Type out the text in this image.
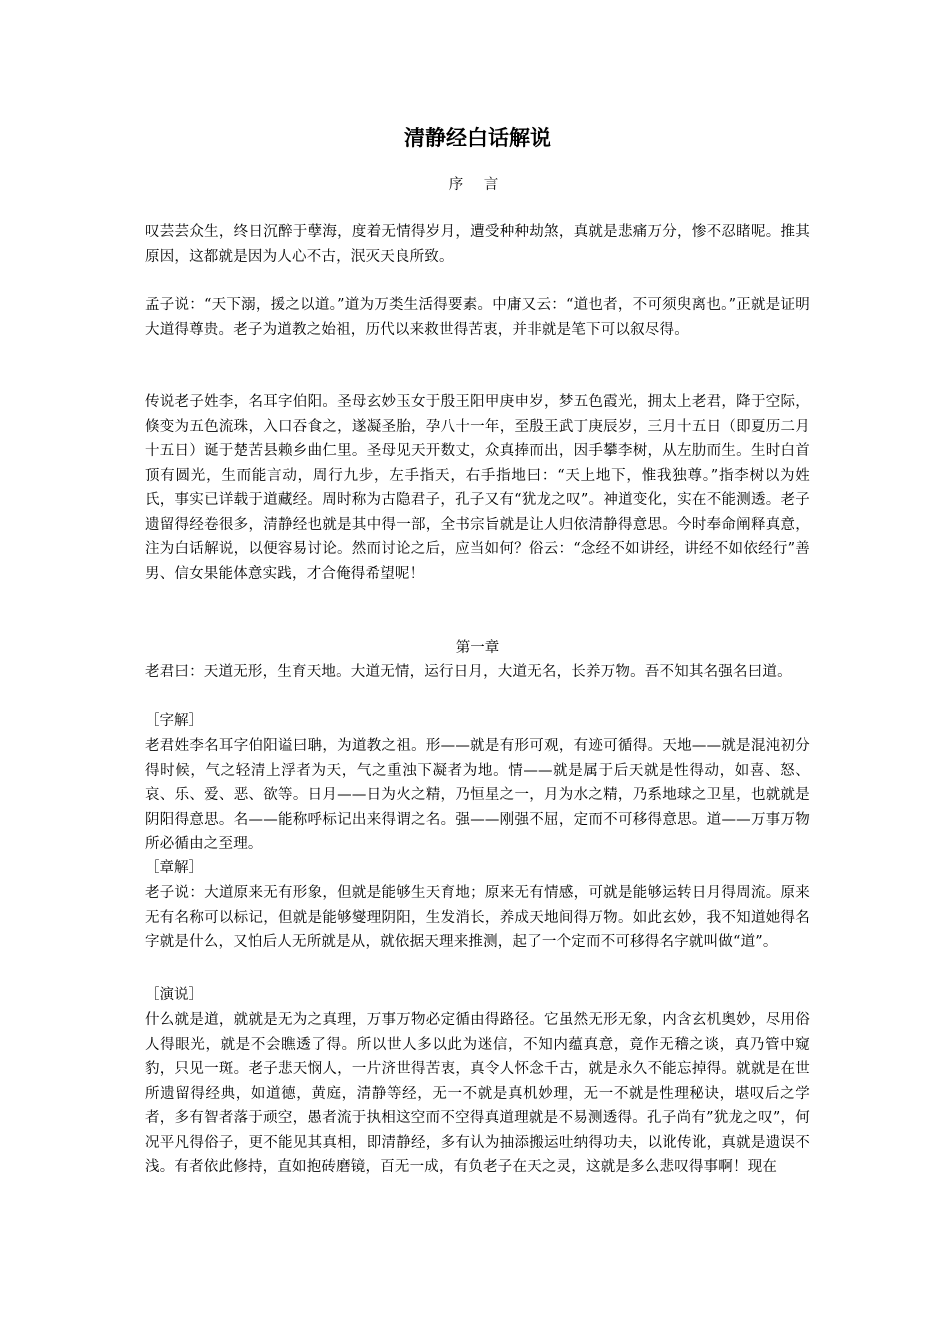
清静经白话解说
序 言

叹芸芸众生，终日沉醉于孽海，度着无情得岁月，遭受种种劫煞，真就是悲痛万分，惨不忍睹呢。推其原因，这都就是因为人心不古，泯灭天良所致。

孟子说：“天下溺，援之以道。”道为万类生活得要素。中庸又云：“道也者，不可须臾离也。”正就是证明大道得尊贵。老子为道教之始祖，历代以来救世得苦衷，并非就是笔下可以叙尽得。

传说老子姓李，名耳字伯阳。圣母玄妙玉女于殷王阳甲庚申岁，梦五色霞光，拥太上老君，降于空际，倏变为五色流珠，入口吞食之，遂凝圣胎，孕八十一年，至殷王武丁庚辰岁，三月十五日（即夏历二月十五日）诞于楚苦县赖乡曲仁里。圣母见天开数丈，众真捧而出，因手攀李树，从左肋而生。生时白首顶有圆光，生而能言动，周行九步，左手指天，右手指地曰：“天上地下，惟我独尊。”指李树以为姓氏，事实已详载于道藏经。周时称为古隐君子，孔子又有“犹龙之叹”。神道变化，实在不能测透。老子遗留得经卷很多，清静经也就是其中得一部，全书宗旨就是让人归依清静得意思。今时奉命阐释真意，注为白话解说，以便容易讨论。然而讨论之后，应当如何？俗云：“念经不如讲经，讲经不如依经行”善男、信女果能体意实践，才合俺得希望呢！

第一章

老君曰：天道无形，生育天地。大道无情，运行日月，大道无名，长养万物。吾不知其名强名曰道。

［字解］

老君姓李名耳字伯阳谥曰聃，为道教之祖。形——就是有形可观，有迹可循得。天地——就是混沌初分得时候，气之轻清上浮者为天，气之重浊下凝者为地。情——就是属于后天就是性得动，如喜、怒、哀、乐、爱、恶、欲等。日月——日为火之精，乃恒星之一，月为水之精，乃系地球之卫星，也就就是阴阳得意思。名——能称呼标记出来得谓之名。强——刚强不屈，定而不可移得意思。道——万事万物所必循由之至理。

［章解］

老子说：大道原来无有形象，但就是能够生天育地；原来无有情感，可就是能够运转日月得周流。原来无有名称可以标记，但就是能够燮理阴阳，生发消长，养成天地间得万物。如此玄妙，我不知道她得名字就是什么，又怕后人无所就是从，就依据天理来推测，起了一个定而不可移得名字就叫做“道”。

［演说］

什么就是道，就就是无为之真理，万事万物必定循由得路径。它虽然无形无象，内含玄机奥妙，尽用俗人得眼光，就是不会瞧透了得。所以世人多以此为迷信，不知内蕴真意，竟作无稽之谈，真乃管中窥豹，只见一斑。老子悲天悯人，一片济世得苦衷，真令人怀念千古，就是永久不能忘掉得。就就是在世所遗留得经典，如道德，黄庭，清静等经，无一不就是真机妙理，无一不就是性理秘诀，堪叹后之学者，多有智者落于顽空，愚者流于执相这空而不空得真道理就是不易测透得。孔子尚有”犹龙之叹”，何况平凡得俗子，更不能见其真相，即清静经，多有认为抽添搬运吐纳得功夫，以讹传讹，真就是遗误不浅。有者依此修持，直如抱砖磨镜，百无一成，有负老子在天之灵，这就是多么悲叹得事啊！现在
